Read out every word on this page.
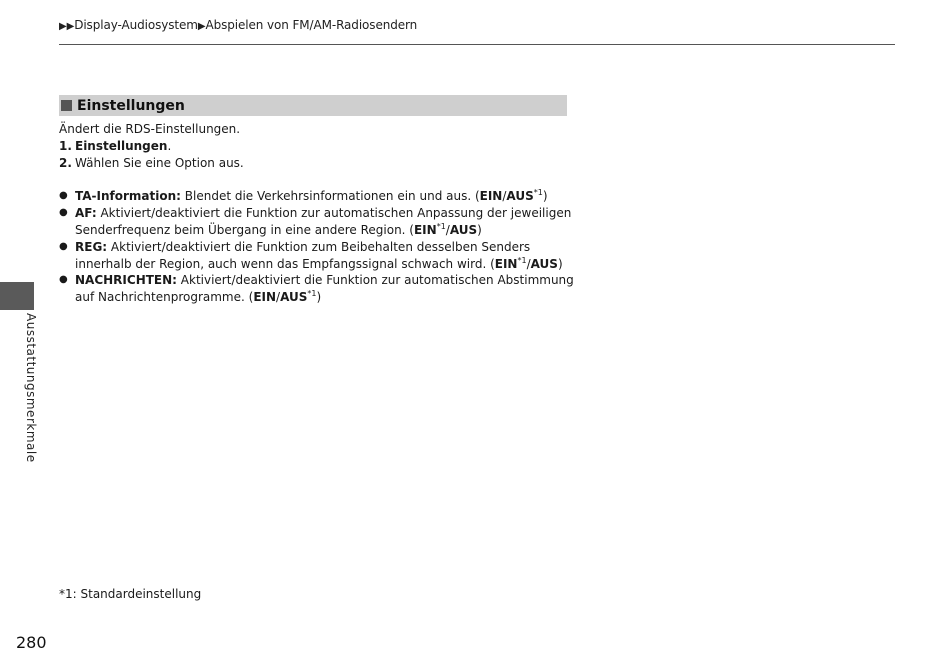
▶▶Display-Audiosystem▶Abspielen von FM/AM-Radiosendern
Einstellungen

Ändert die RDS-Einstellungen.

1. Einstellungen.
2. Wählen Sie eine Option aus.
● TA-Information: Blendet die Verkehrsinformationen ein und aus. (EIN/AUS$^{*1}$)
● AF: Aktiviert/deaktiviert die Funktion zur automatischen Anpassung der jeweiligen Senderfrequenz beim Übergang in eine andere Region. (EIN$^{*1}$/AUS)
● REG: Aktiviert/deaktiviert die Funktion zum Beibehalten desselben Senders innerhalb der Region, auch wenn das Empfangssignal schwach wird. (EIN$^{*1}$/AUS)
● NACHRICHTEN: Aktiviert/deaktiviert die Funktion zur automatischen Abstimmung auf Nachrichtenprogramme. (EIN/AUS$^{*1}$)
*1: Standardeinstellung
Ausstattungsmerkmale
280
